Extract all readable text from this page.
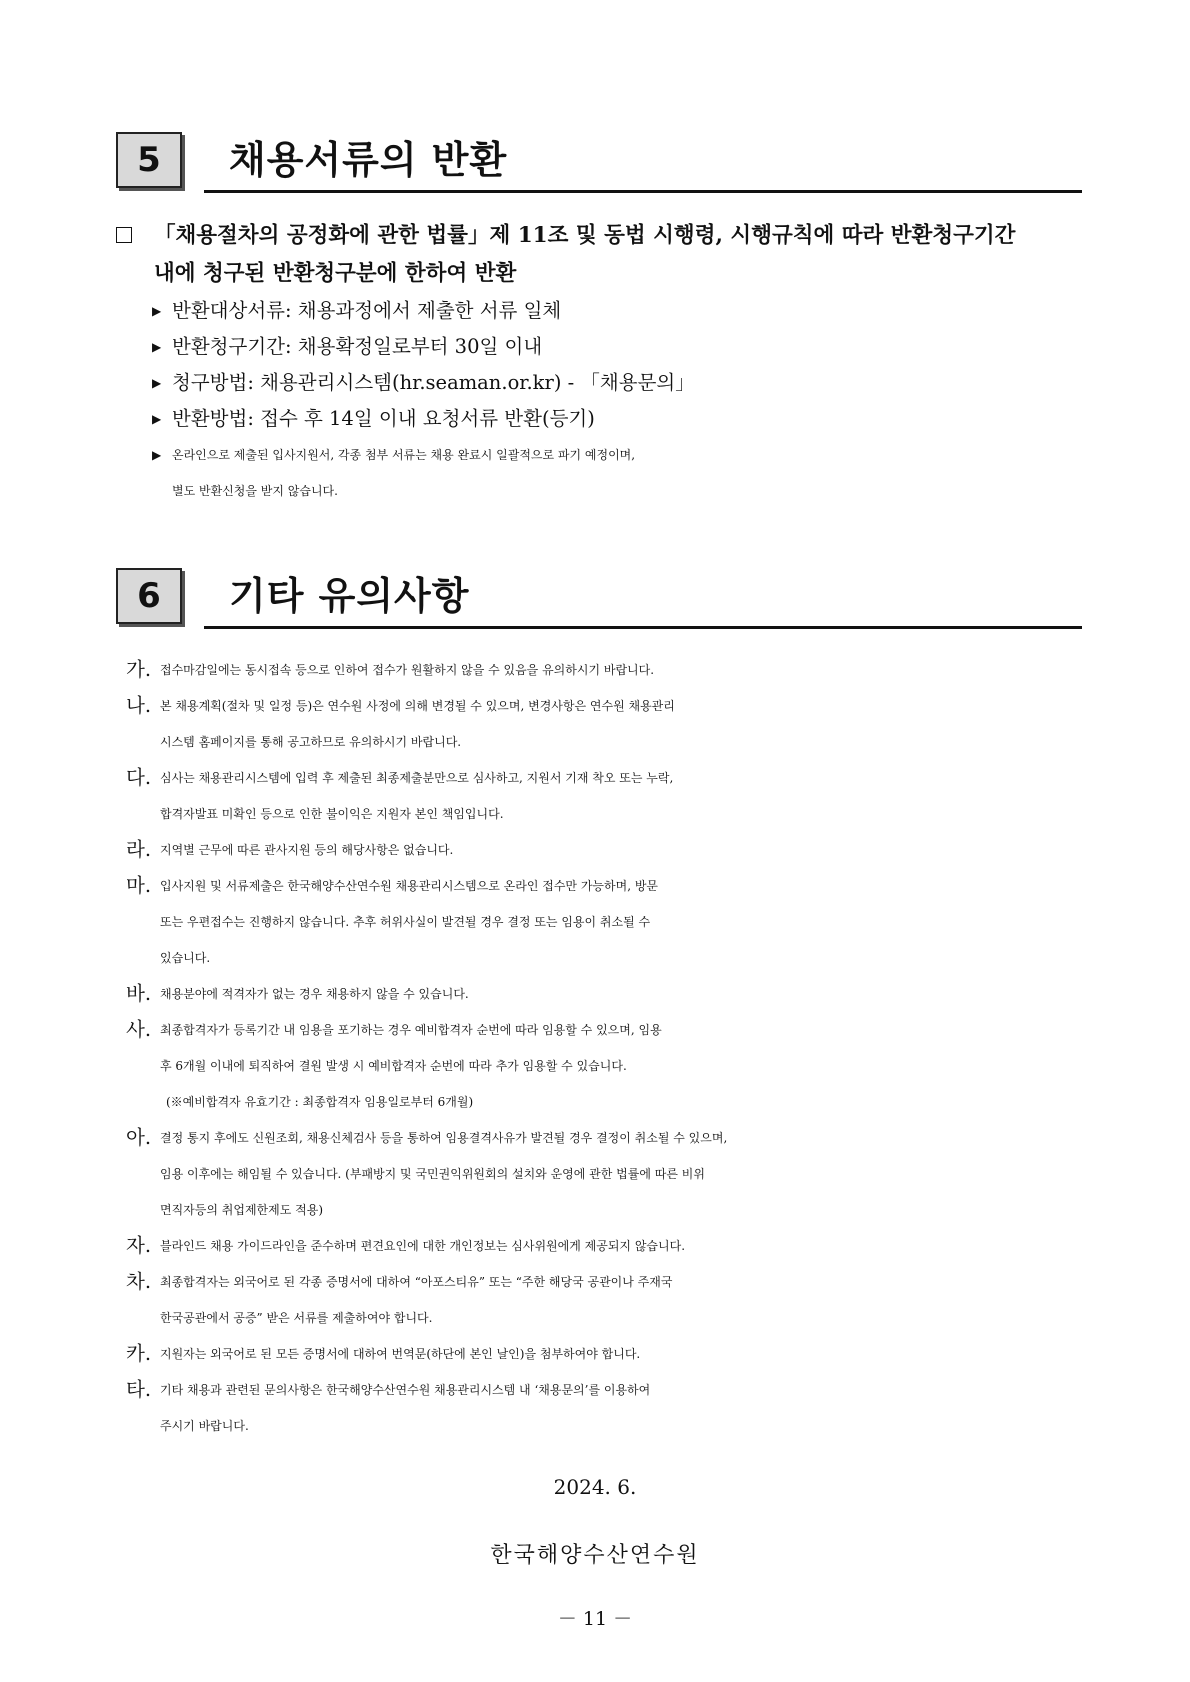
5	채용서류의 반환
「채용절차의 공정화에 관한 법률」제 11조 및 동법 시행령, 시행규칙에 따라 반환청구기간
내에 청구된 반환청구분에 한하여 반환
▶ 반환대상서류: 채용과정에서 제출한 서류 일체
▶ 반환청구기간: 채용확정일로부터 30일 이내
▶ 청구방법: 채용관리시스템(hr.seaman.or.kr) - 「채용문의」
▶ 반환방법: 접수 후 14일 이내 요청서류 반환(등기)
▶ 온라인으로 제출된 입사지원서, 각종 첨부 서류는 채용 완료시 일괄적으로 파기 예정이며,
별도 반환신청을 받지 않습니다.
6	기타 유의사항
가. 접수마감일에는 동시접속 등으로 인하여 접수가 원활하지 않을 수 있음을 유의하시기 바랍니다.
나. 본 채용계획(절차 및 일정 등)은 연수원 사정에 의해 변경될 수 있으며, 변경사항은 연수원 채용관리
시스템 홈페이지를 통해 공고하므로 유의하시기 바랍니다.
다. 심사는 채용관리시스템에 입력 후 제출된 최종제출분만으로 심사하고, 지원서 기재 착오 또는 누락,
합격자발표 미확인 등으로 인한 불이익은 지원자 본인 책임입니다.
라. 지역별 근무에 따른 관사지원 등의 해당사항은 없습니다.
마. 입사지원 및 서류제출은 한국해양수산연수원 채용관리시스템으로 온라인 접수만 가능하며, 방문
또는 우편접수는 진행하지 않습니다. 추후 허위사실이 발견될 경우 결정 또는 임용이 취소될 수
있습니다.
바. 채용분야에 적격자가 없는 경우 채용하지 않을 수 있습니다.
사. 최종합격자가 등록기간 내 임용을 포기하는 경우 예비합격자 순번에 따라 임용할 수 있으며, 임용
후 6개월 이내에 퇴직하여 결원 발생 시 예비합격자 순번에 따라 추가 임용할 수 있습니다.
(※예비합격자 유효기간 : 최종합격자 임용일로부터 6개월)
아. 결정 통지 후에도 신원조회, 채용신체검사 등을 통하여 임용결격사유가 발견될 경우 결정이 취소될 수 있으며,
임용 이후에는 해임될 수 있습니다. (부패방지 및 국민권익위원회의 설치와 운영에 관한 법률에 따른 비위
면직자등의 취업제한제도 적용)
자. 블라인드 채용 가이드라인을 준수하며 편견요인에 대한 개인정보는 심사위원에게 제공되지 않습니다.
차. 최종합격자는 외국어로 된 각종 증명서에 대하여 “아포스티유” 또는 “주한 해당국 공관이나 주재국
한국공관에서 공증” 받은 서류를 제출하여야 합니다.
카. 지원자는 외국어로 된 모든 증명서에 대하여 번역문(하단에 본인 날인)을 첨부하여야 합니다.
타. 기타 채용과 관련된 문의사항은 한국해양수산연수원 채용관리시스템 내 ‘채용문의’를 이용하여
주시기 바랍니다.
2024. 6.
한국해양수산연수원
－ 11 －
